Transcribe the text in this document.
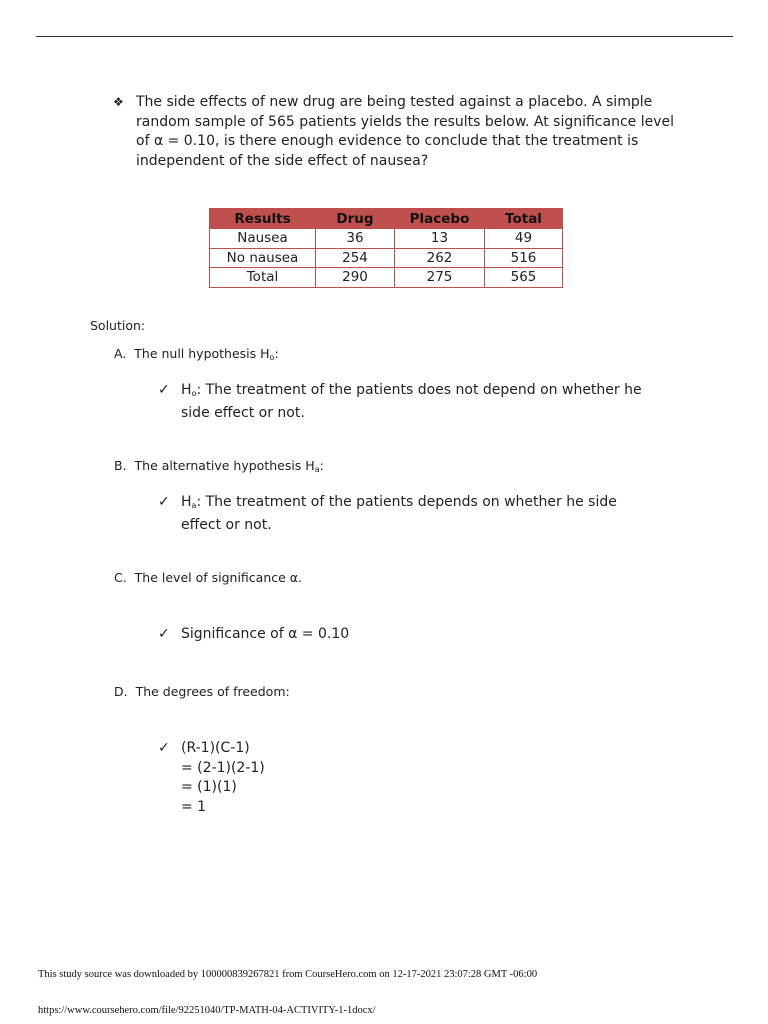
❖ The side effects of new drug are being tested against a placebo. A simple random sample of 565 patients yields the results below. At significance level of α = 0.10, is there enough evidence to conclude that the treatment is independent of the side effect of nausea?
Results	Drug	Placebo	Total
Nausea	36	13	49
No nausea	254	262	516
Total	290	275	565
Solution:
A. The null hypothesis $H_o$:
✓ $H_o$: The treatment of the patients does not depend on whether he side effect or not.
B. The alternative hypothesis $H_a$:
✓ $H_a$: The treatment of the patients depends on whether he side effect or not.
C. The level of significance α.
✓ Significance of α = 0.10
D. The degrees of freedom:
✓ (R-1)(C-1)
= (2-1)(2-1)
= (1)(1)
= 1
This study source was downloaded by 100000839267821 from CourseHero.com on 12-17-2021 23:07:28 GMT -06:00
https://www.coursehero.com/file/92251040/TP-MATH-04-ACTIVITY-1-1docx/
